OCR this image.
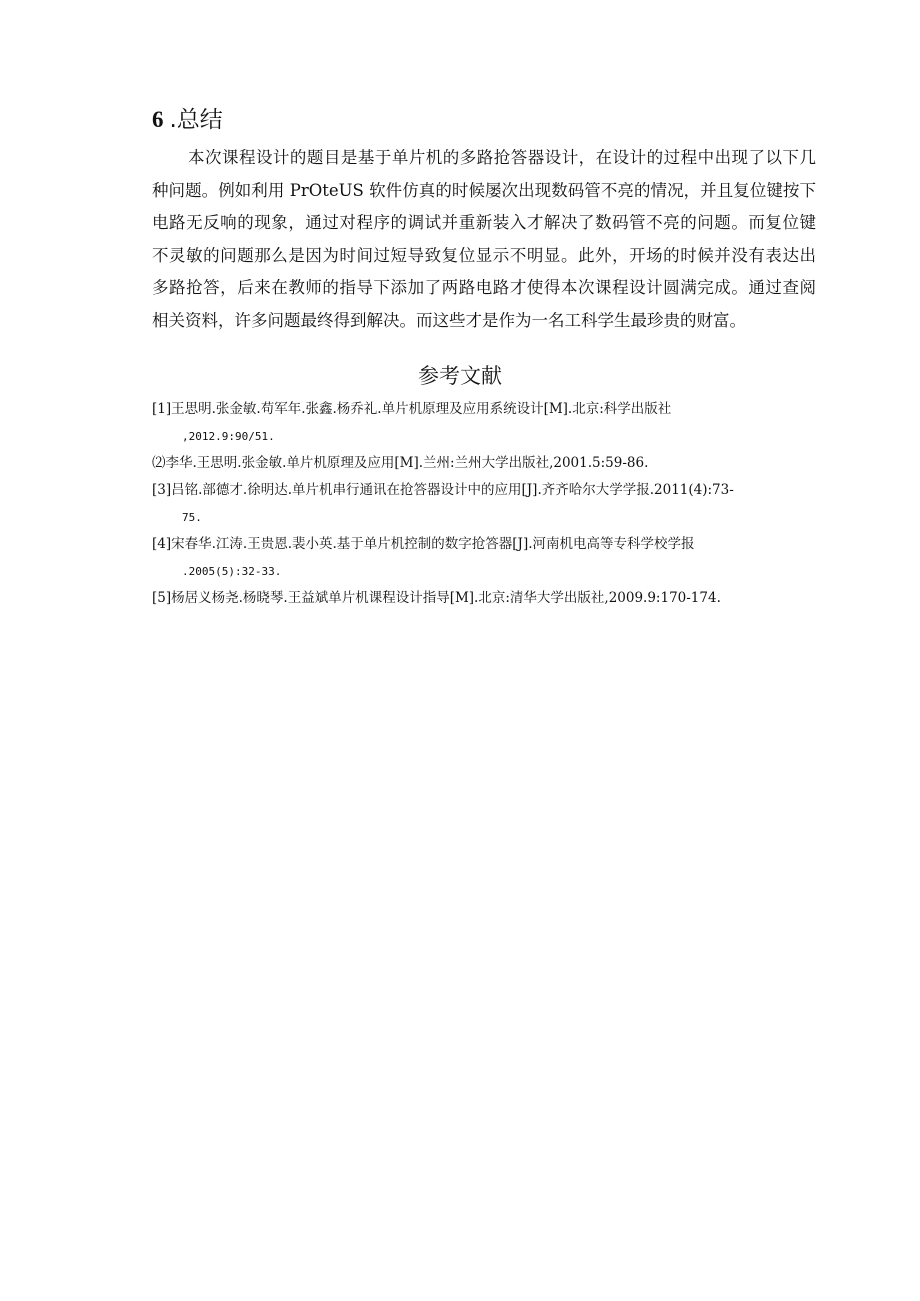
6 .总结
本次课程设计的题目是基于单片机的多路抢答器设计，在设计的过程中出现了以下几
种问题。例如利用 PrOteUS 软件仿真的时候屡次出现数码管不亮的情况，并且复位键按下
电路无反响的现象，通过对程序的调试并重新装入才解决了数码管不亮的问题。而复位键
不灵敏的问题那么是因为时间过短导致复位显示不明显。此外，开场的时候并没有表达出
多路抢答，后来在教师的指导下添加了两路电路才使得本次课程设计圆满完成。通过查阅
相关资料，许多问题最终得到解决。而这些才是作为一名工科学生最珍贵的财富。
参考文献
[1]王思明.张金敏.苟军年.张鑫.杨乔礼.单片机原理及应用系统设计[M].北京:科学出版社
,2012.9:90/51.
⑵李华.王思明.张金敏.单片机原理及应用[M].兰州:兰州大学出版社,2001.5:59-86.
[3]吕铭.部德才.徐明达.单片机串行通讯在抢答器设计中的应用[J].齐齐哈尔大学学报.2011(4):73-
75.
[4]宋春华.江涛.王贵恩.裴小英.基于单片机控制的数字抢答器[J].河南机电高等专科学校学报
.2005(5):32-33.
[5]杨居义杨尧.杨晓琴.王益斌单片机课程设计指导[M].北京:清华大学出版社,2009.9:170-174.
